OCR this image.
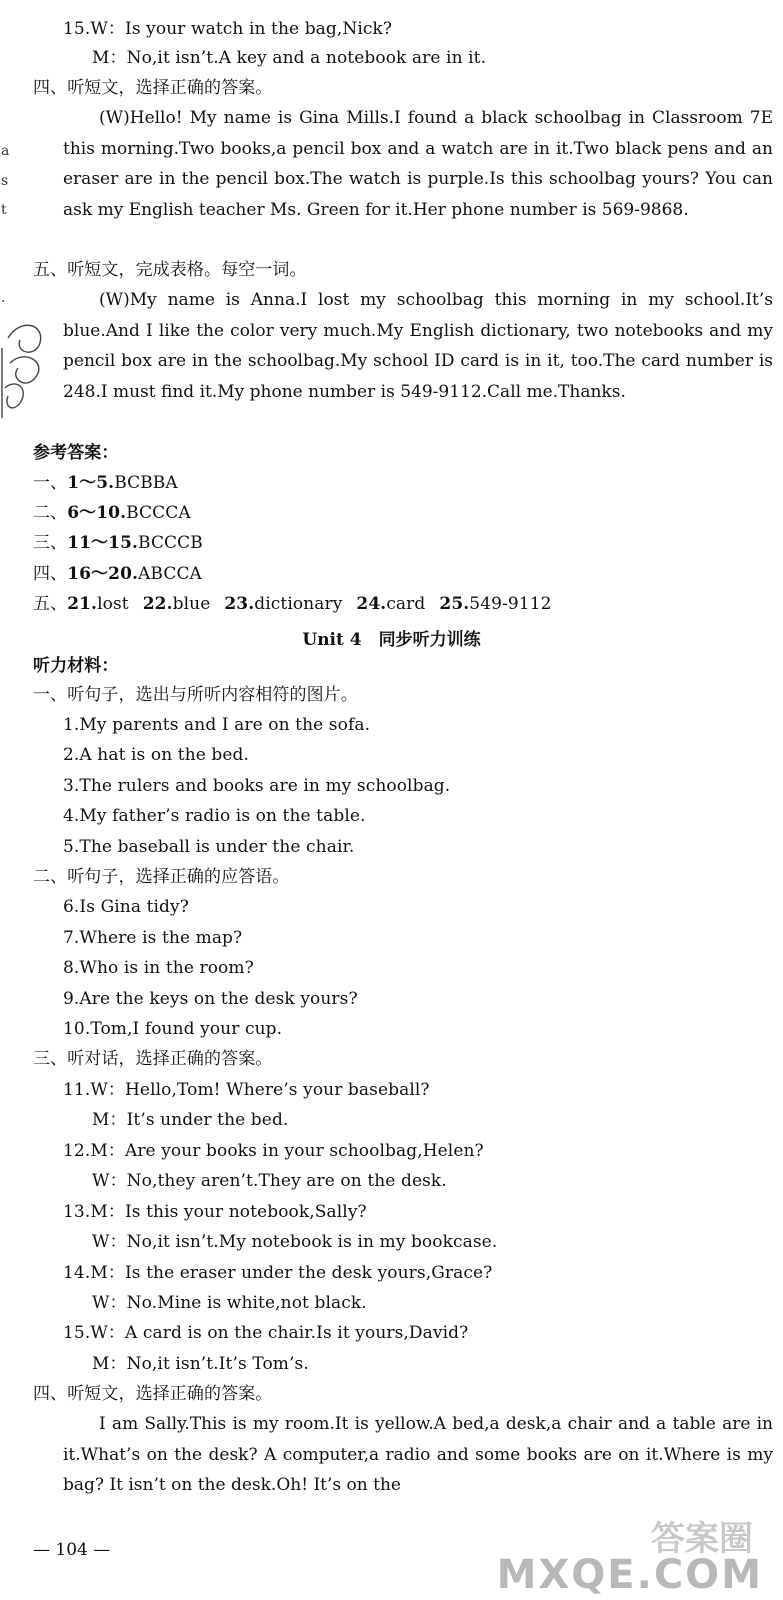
15.W：Is your watch in the bag,Nick?
M：No,it isn’t.A key and a notebook are in it.
四、听短文，选择正确的答案。
(W)Hello! My name is Gina Mills.I found a black schoolbag in Classroom 7E this morning.Two books,a pencil box and a watch are in it.Two black pens and an eraser are in the pencil box.The watch is purple.Is this schoolbag yours? You can ask my English teacher Ms. Green for it.Her phone number is 569-9868.
五、听短文，完成表格。每空一词。
(W)My name is Anna.I lost my schoolbag this morning in my school.It’s blue.And I like the color very much.My English dictionary, two notebooks and my pencil box are in the schoolbag.My school ID card is in it, too.The card number is 248.I must find it.My phone number is 549-9112.Call me.Thanks.
参考答案：
一、1～5.BCBBA
二、6～10.BCCCA
三、11～15.BCCCB
四、16～20.ABCCA
五、21.lost 22.blue 23.dictionary 24.card 25.549-9112
Unit 4　同步听力训练
听力材料：
一、听句子，选出与所听内容相符的图片。
1.My parents and I are on the sofa.
2.A hat is on the bed.
3.The rulers and books are in my schoolbag.
4.My father’s radio is on the table.
5.The baseball is under the chair.
二、听句子，选择正确的应答语。
6.Is Gina tidy?
7.Where is the map?
8.Who is in the room?
9.Are the keys on the desk yours?
10.Tom,I found your cup.
三、听对话，选择正确的答案。
11.W：Hello,Tom! Where’s your baseball?
M：It’s under the bed.
12.M：Are your books in your schoolbag,Helen?
W：No,they aren’t.They are on the desk.
13.M：Is this your notebook,Sally?
W：No,it isn’t.My notebook is in my bookcase.
14.M：Is the eraser under the desk yours,Grace?
W：No.Mine is white,not black.
15.W：A card is on the chair.Is it yours,David?
M：No,it isn’t.It’s Tom’s.
四、听短文，选择正确的答案。
I am Sally.This is my room.It is yellow.A bed,a desk,a chair and a table are in it.What’s on the desk? A computer,a radio and some books are on it.Where is my bag? It isn’t on the desk.Oh! It’s on the
— 104 —
a
s
t
.
答案圈
MXQE.COM
